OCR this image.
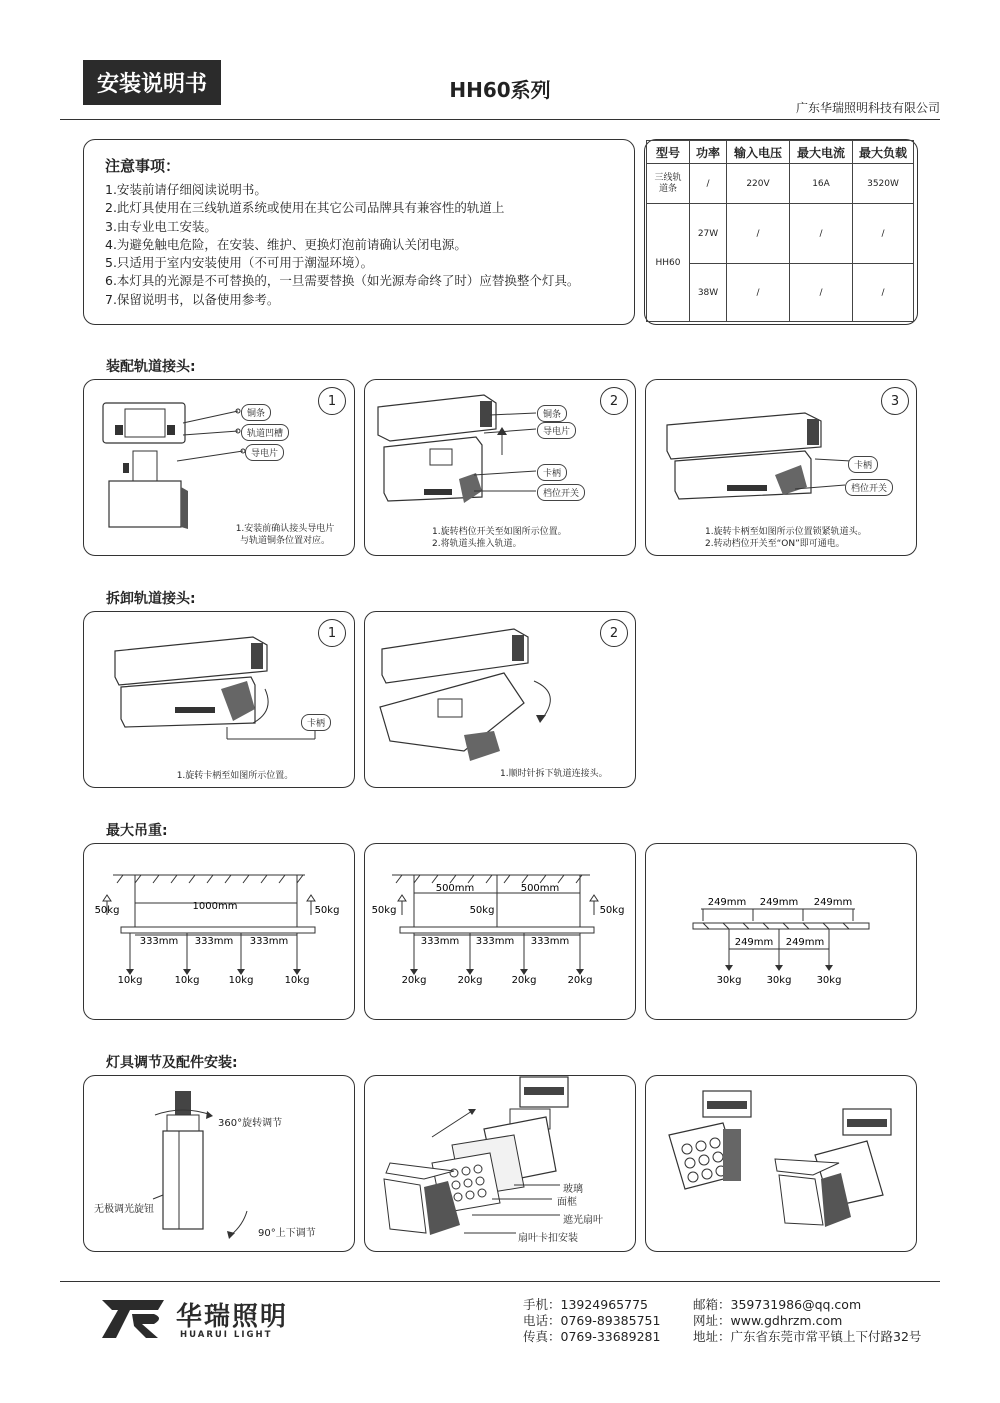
安装说明书	HH60系列
广东华瑞照明科技有限公司
注意事项：
1.安装前请仔细阅读说明书。
2.此灯具使用在三线轨道系统或使用在其它公司品牌具有兼容性的轨道上
3.由专业电工安装。
4.为避免触电危险，在安装、维护、更换灯泡前请确认关闭电源。
5.只适用于室内安装使用（不可用于潮湿环境）。
6.本灯具的光源是不可替换的，一旦需要替换（如光源寿命终了时）应替换整个灯具。
7.保留说明书，以备使用参考。
型号	功率	输入电压	最大电流	最大负载
三线轨道条	/	220V	16A	3520W
HH60	27W	/	/	/
	38W	/	/	/
装配轨道接头:
1
铜条
轨道凹槽
导电片
1.安装前确认接头导电片
与轨道铜条位置对应。
2
铜条
导电片
卡柄
档位开关
1.旋转档位开关至如图所示位置。
2.将轨道头推入轨道。
3
卡柄
档位开关
1.旋转卡柄至如图所示位置锁紧轨道头。
2.转动档位开关至“ON”即可通电。
拆卸轨道接头:
1
卡柄
1.旋转卡柄至如图所示位置。
2
1.顺时针拆下轨道连接头。
最大吊重:
1000mm
50kg	50kg
333mm 333mm 333mm
10kg	10kg	10kg	10kg
500mm	500mm
50kg	50kg	50kg
333mm 333mm 333mm
20kg	20kg	20kg	20kg
249mm 249mm 249mm
249mm 249mm
30kg	30kg	30kg
灯具调节及配件安装:
360°旋转调节
无极调光旋钮
90°上下调节
玻璃
面框
遮光扇叶
扇叶卡扣安装
华瑞照明
HUARUI LIGHT
手机：13924965775
电话：0769-89385751
传真：0769-33689281
邮箱：359731986@qq.com
网址：www.gdhrzm.com
地址：广东省东莞市常平镇上下付路32号
